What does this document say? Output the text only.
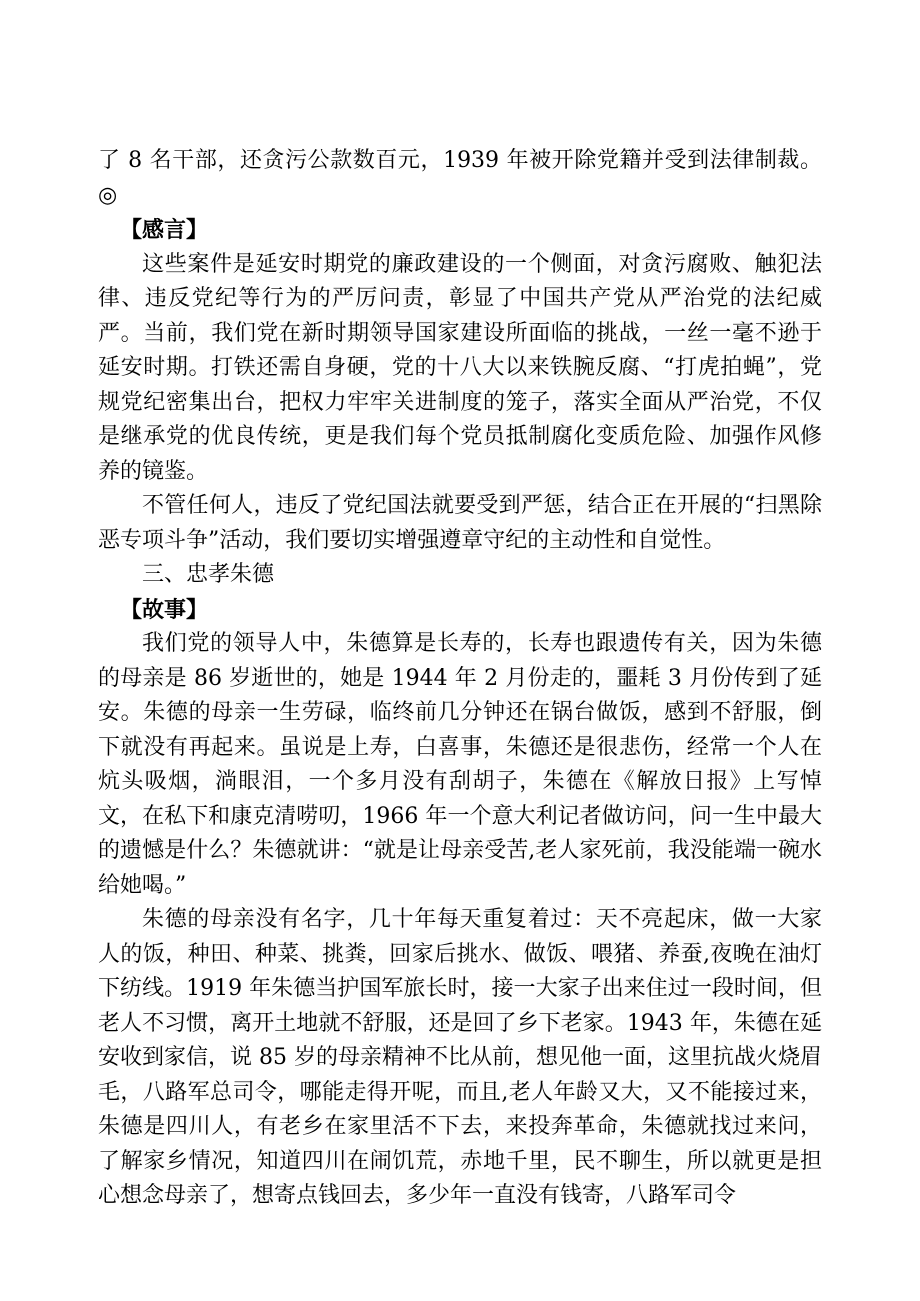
了 8 名干部，还贪污公款数百元，1939 年被开除党籍并受到法律制裁。◎

【感言】

这些案件是延安时期党的廉政建设的一个侧面，对贪污腐败、触犯法律、违反党纪等行为的严厉问责，彰显了中国共产党从严治党的法纪威严。当前，我们党在新时期领导国家建设所面临的挑战，一丝一毫不逊于延安时期。打铁还需自身硬，党的十八大以来铁腕反腐、“打虎拍蝇”，党规党纪密集出台，把权力牢牢关进制度的笼子，落实全面从严治党，不仅是继承党的优良传统，更是我们每个党员抵制腐化变质危险、加强作风修养的镜鉴。

不管任何人，违反了党纪国法就要受到严惩，结合正在开展的“扫黑除恶专项斗争”活动，我们要切实增强遵章守纪的主动性和自觉性。

三、忠孝朱德

【故事】

我们党的领导人中，朱德算是长寿的，长寿也跟遗传有关，因为朱德的母亲是 86 岁逝世的，她是 1944 年 2 月份走的，噩耗 3 月份传到了延安。朱德的母亲一生劳碌，临终前几分钟还在锅台做饭，感到不舒服，倒下就没有再起来。虽说是上寿，白喜事，朱德还是很悲伤，经常一个人在炕头吸烟，淌眼泪，一个多月没有刮胡子，朱德在《解放日报》上写悼文，在私下和康克清唠叨，1966 年一个意大利记者做访问，问一生中最大的遗憾是什么？朱德就讲：“就是让母亲受苦,老人家死前，我没能端一碗水给她喝。”

朱德的母亲没有名字，几十年每天重复着过：天不亮起床，做一大家人的饭，种田、种菜、挑粪，回家后挑水、做饭、喂猪、养蚕,夜晚在油灯下纺线。1919 年朱德当护国军旅长时，接一大家子出来住过一段时间，但老人不习惯，离开土地就不舒服，还是回了乡下老家。1943 年，朱德在延安收到家信，说 85 岁的母亲精神不比从前，想见他一面，这里抗战火烧眉毛，八路军总司令，哪能走得开呢，而且,老人年龄又大，又不能接过来，朱德是四川人，有老乡在家里活不下去，来投奔革命，朱德就找过来问，了解家乡情况，知道四川在闹饥荒，赤地千里，民不聊生，所以就更是担心想念母亲了，想寄点钱回去，多少年一直没有钱寄，八路军司令
